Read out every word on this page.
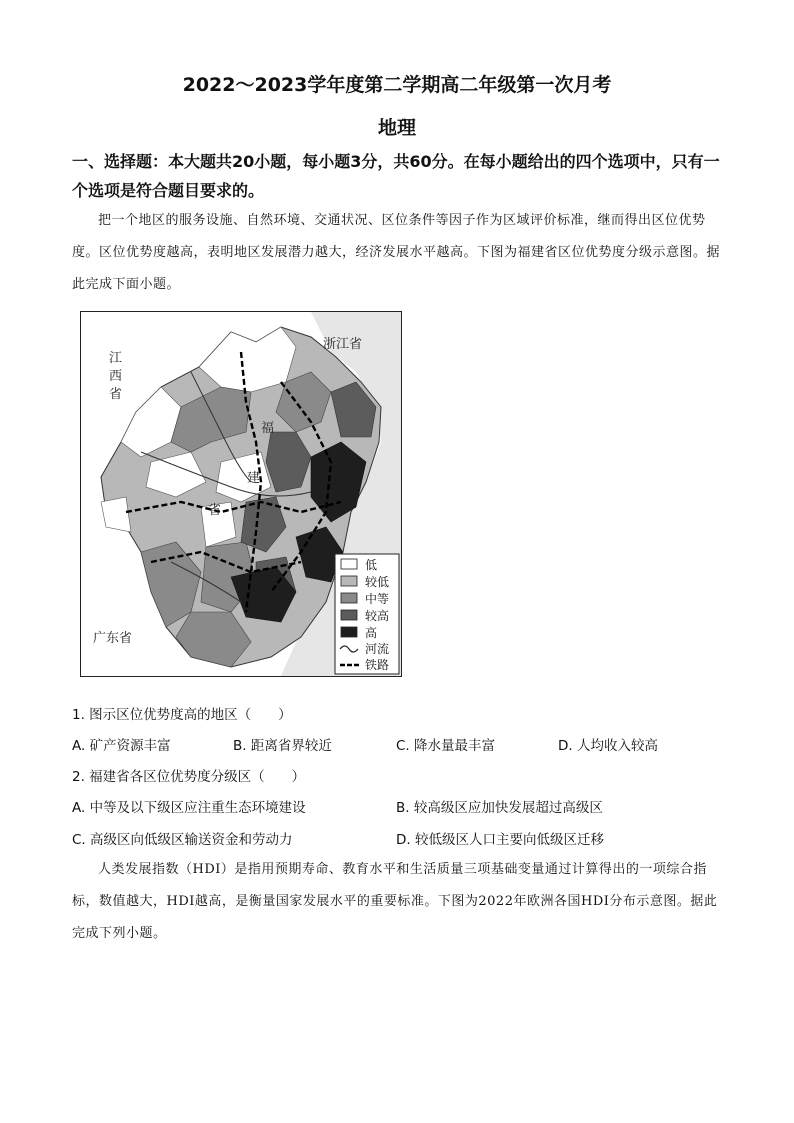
2022～2023学年度第二学期高二年级第一次月考
地理
一、选择题：本大题共20小题，每小题3分，共60分。在每小题给出的四个选项中，只有一个选项是符合题目要求的。
把一个地区的服务设施、自然环境、交通状况、区位条件等因子作为区域评价标准，继而得出区位优势度。区位优势度越高，表明地区发展潜力越大，经济发展水平越高。下图为福建省区位优势度分级示意图。据此完成下面小题。
江
西
省
浙江省
广东省
福
建
省
低
较低
中等
较高
高
河流
铁路
1. 图示区位优势度高的地区（　　）
A. 矿产资源丰富	B. 距离省界较近	C. 降水量最丰富	D. 人均收入较高
2. 福建省各区位优势度分级区（　　）
A. 中等及以下级区应注重生态环境建设	B. 较高级区应加快发展超过高级区
C. 高级区向低级区输送资金和劳动力	D. 较低级区人口主要向低级区迁移
人类发展指数（HDI）是指用预期寿命、教育水平和生活质量三项基础变量通过计算得出的一项综合指标，数值越大，HDI越高，是衡量国家发展水平的重要标准。下图为2022年欧洲各国HDI分布示意图。据此完成下列小题。
